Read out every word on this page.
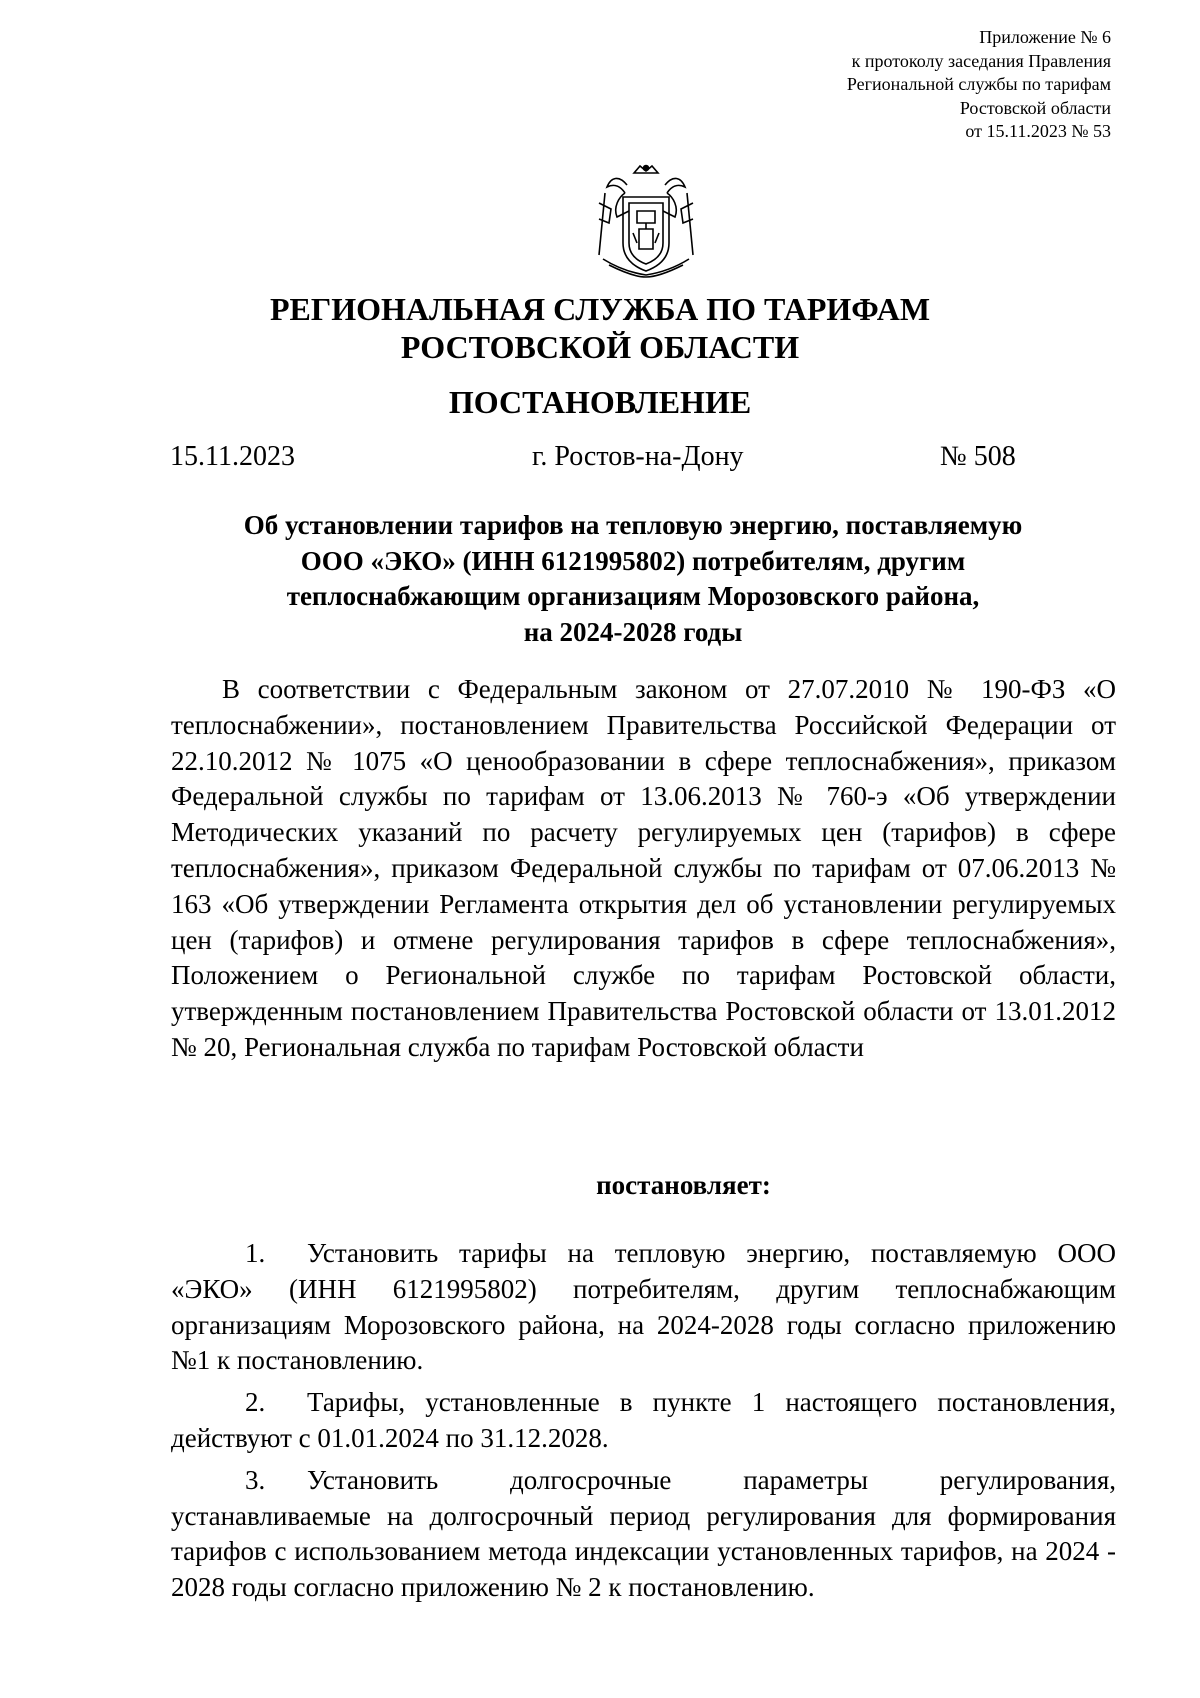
Приложение № 6
к протоколу заседания Правления
Региональной службы по тарифам
Ростовской области
от 15.11.2023 № 53
РЕГИОНАЛЬНАЯ СЛУЖБА ПО ТАРИФАМ
РОСТОВСКОЙ ОБЛАСТИ
ПОСТАНОВЛЕНИЕ
15.11.2023	г. Ростов-на-Дону	№ 508
Об установлении тарифов на тепловую энергию, поставляемую
ООО «ЭКО» (ИНН 6121995802) потребителям, другим
теплоснабжающим организациям Морозовского района,
на 2024-2028 годы

В соответствии с Федеральным законом от 27.07.2010 № 190-ФЗ «О теплоснабжении», постановлением Правительства Российской Федерации от 22.10.2012 № 1075 «О ценообразовании в сфере теплоснабжения», приказом Федеральной службы по тарифам от 13.06.2013 № 760-э «Об утверждении Методических указаний по расчету регулируемых цен (тарифов) в сфере теплоснабжения», приказом Федеральной службы по тарифам от 07.06.2013 № 163 «Об утверждении Регламента открытия дел об установлении регулируемых цен (тарифов) и отмене регулирования тарифов в сфере теплоснабжения», Положением о Региональной службе по тарифам Ростовской области, утвержденным постановлением Правительства Ростовской области от 13.01.2012 № 20, Региональная служба по тарифам Ростовской области

постановляет:

1. Установить тарифы на тепловую энергию, поставляемую ООО «ЭКО» (ИНН 6121995802) потребителям, другим теплоснабжающим организациям Морозовского района, на 2024-2028 годы согласно приложению №1 к постановлению.

2. Тарифы, установленные в пункте 1 настоящего постановления, действуют с 01.01.2024 по 31.12.2028.

3. Установить долгосрочные параметры регулирования, устанавливаемые на долгосрочный период регулирования для формирования тарифов с использованием метода индексации установленных тарифов, на 2024 - 2028 годы согласно приложению № 2 к постановлению.
